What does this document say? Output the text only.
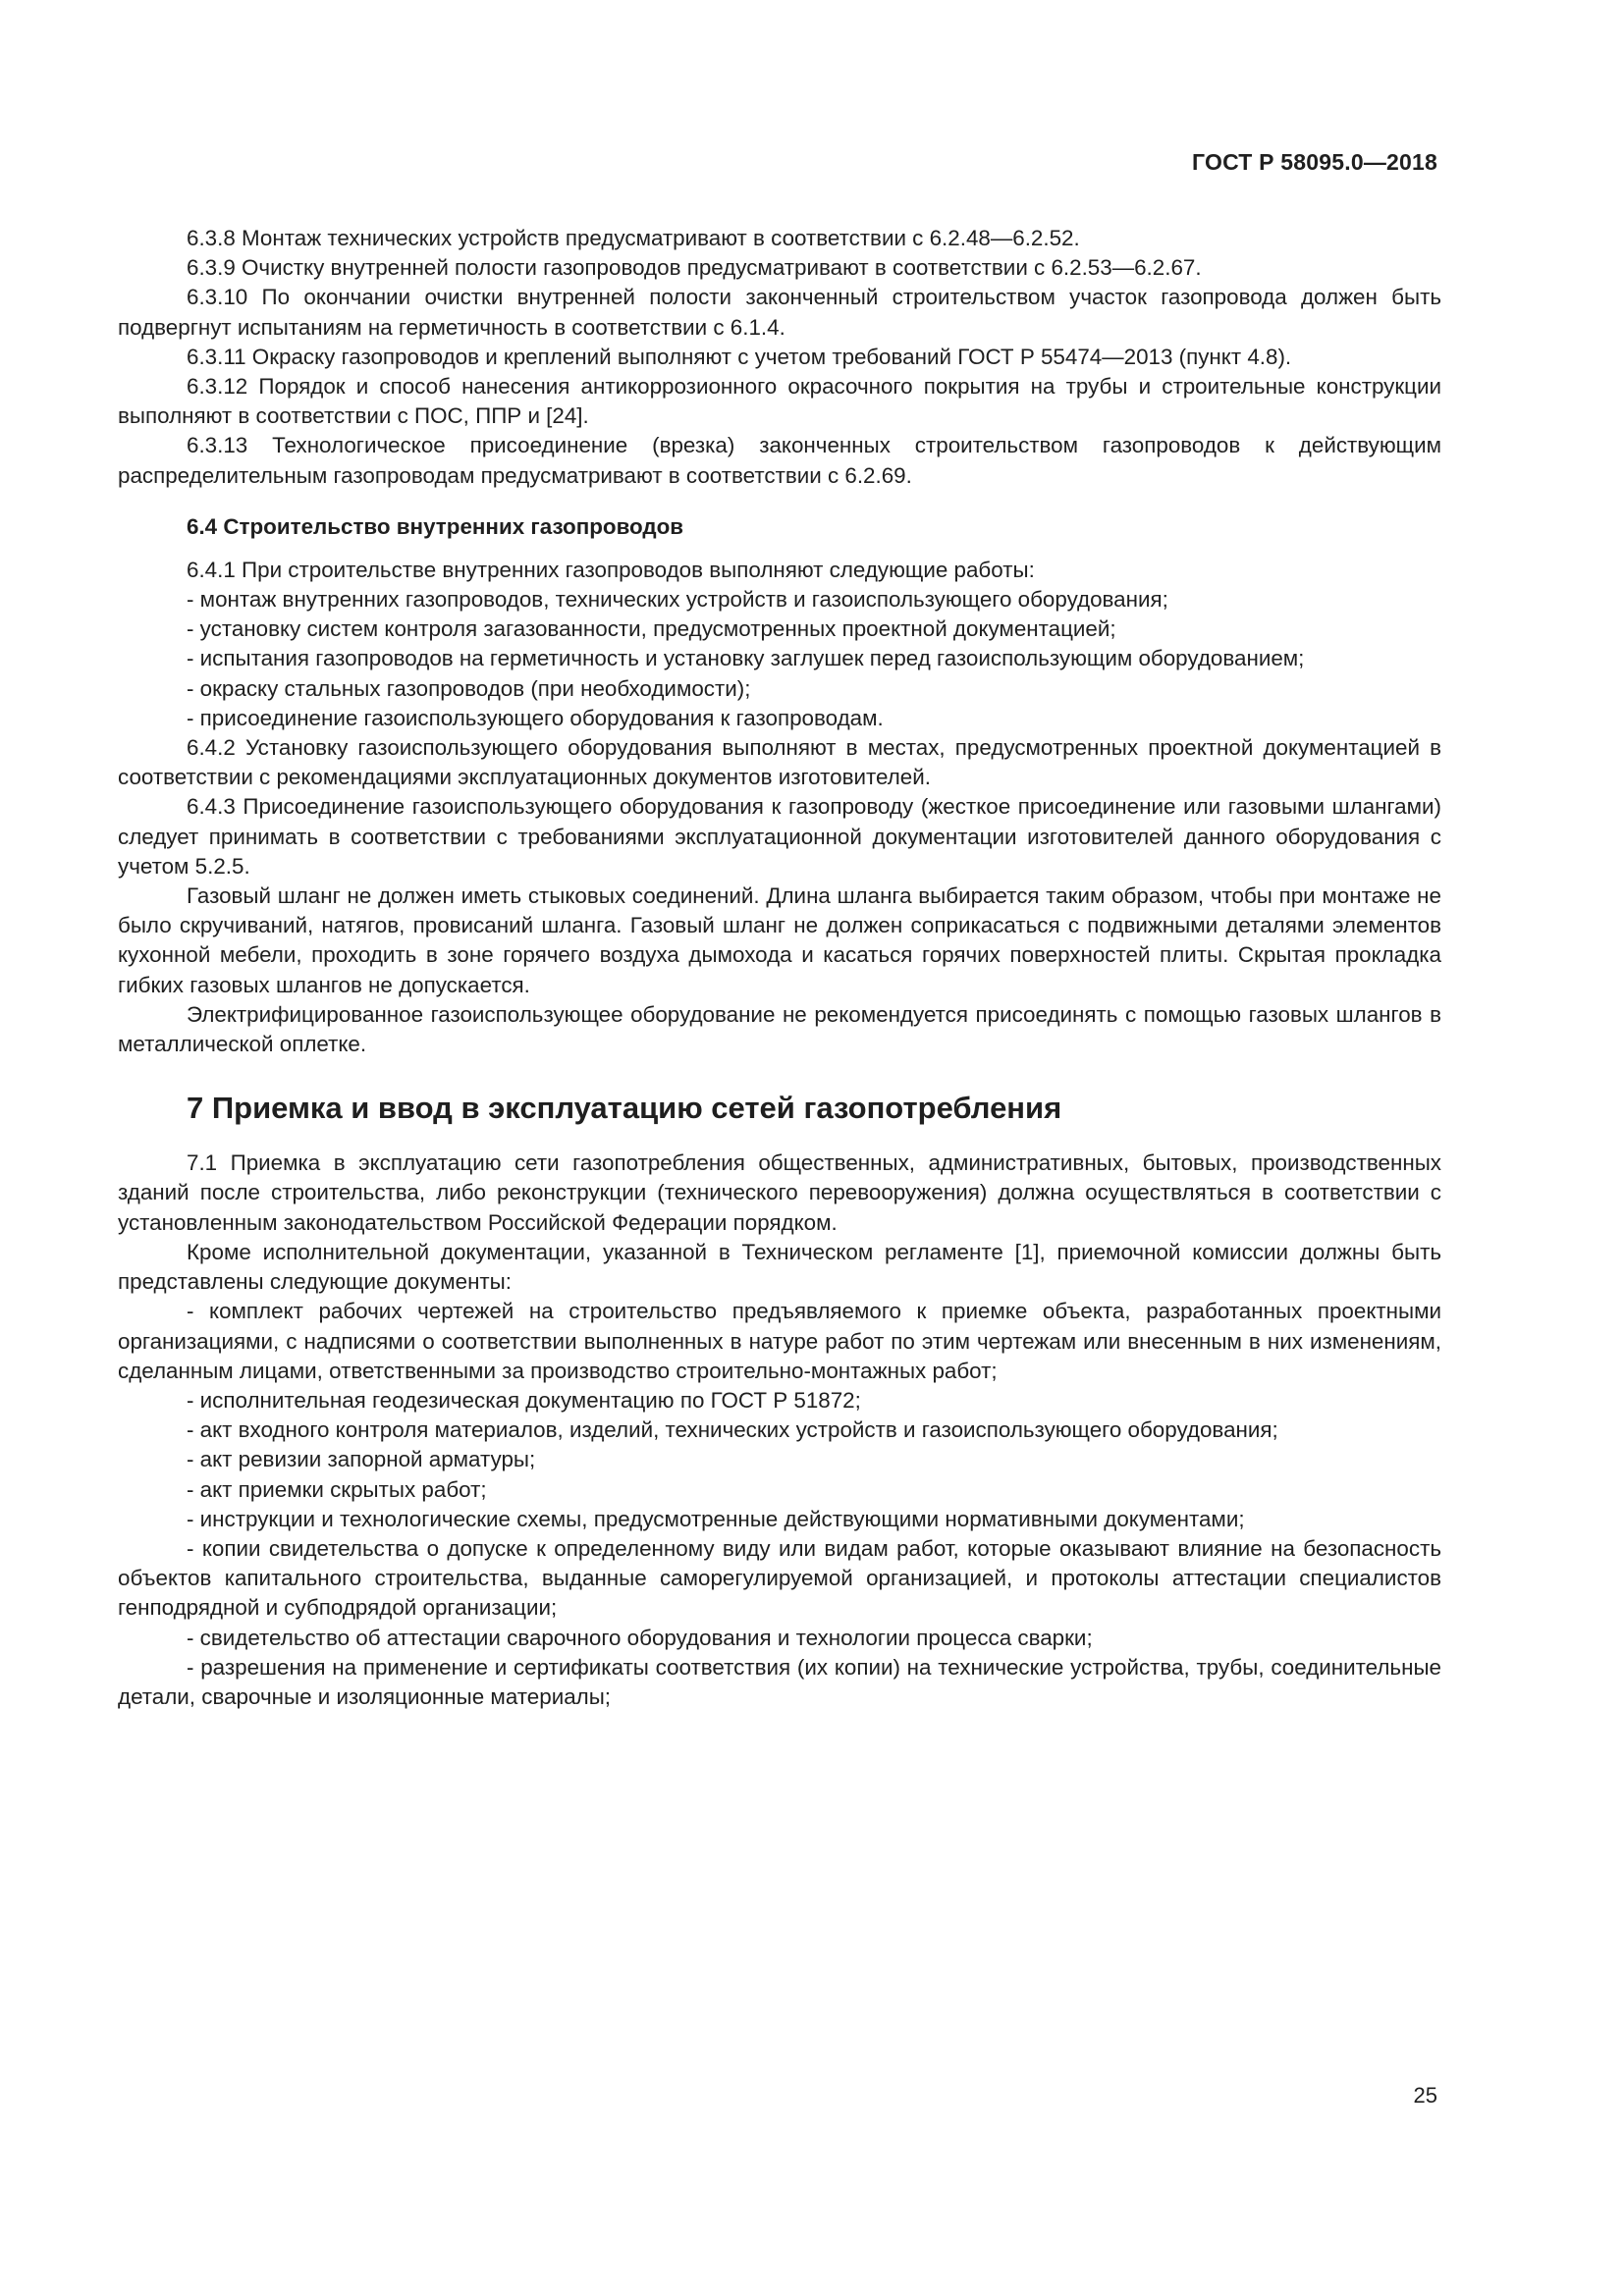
ГОСТ Р 58095.0—2018

6.3.8 Монтаж технических устройств предусматривают в соответствии с 6.2.48—6.2.52.

6.3.9 Очистку внутренней полости газопроводов предусматривают в соответствии с 6.2.53—6.2.67.

6.3.10 По окончании очистки внутренней полости законченный строительством участок газопровода должен быть подвергнут испытаниям на герметичность в соответствии с 6.1.4.

6.3.11 Окраску газопроводов и креплений выполняют с учетом требований ГОСТ Р 55474—2013 (пункт 4.8).

6.3.12 Порядок и способ нанесения антикоррозионного окрасочного покрытия на трубы и строительные конструкции выполняют в соответствии с ПОС, ППР и [24].

6.3.13 Технологическое присоединение (врезка) законченных строительством газопроводов к действующим распределительным газопроводам предусматривают в соответствии с 6.2.69.

6.4 Строительство внутренних газопроводов

6.4.1 При строительстве внутренних газопроводов выполняют следующие работы:

- монтаж внутренних газопроводов, технических устройств и газоиспользующего оборудования;

- установку систем контроля загазованности, предусмотренных проектной документацией;

- испытания газопроводов на герметичность и установку заглушек перед газоиспользующим оборудованием;

- окраску стальных газопроводов (при необходимости);

- присоединение газоиспользующего оборудования к газопроводам.

6.4.2 Установку газоиспользующего оборудования выполняют в местах, предусмотренных проектной документацией в соответствии с рекомендациями эксплуатационных документов изготовителей.

6.4.3 Присоединение газоиспользующего оборудования к газопроводу (жесткое присоединение или газовыми шлангами) следует принимать в соответствии с требованиями эксплуатационной документации изготовителей данного оборудования с учетом 5.2.5.

Газовый шланг не должен иметь стыковых соединений. Длина шланга выбирается таким образом, чтобы при монтаже не было скручиваний, натягов, провисаний шланга. Газовый шланг не должен соприкасаться с подвижными деталями элементов кухонной мебели, проходить в зоне горячего воздуха дымохода и касаться горячих поверхностей плиты. Скрытая прокладка гибких газовых шлангов не допускается.

Электрифицированное газоиспользующее оборудование не рекомендуется присоединять с помощью газовых шлангов в металлической оплетке.

7 Приемка и ввод в эксплуатацию сетей газопотребления

7.1 Приемка в эксплуатацию сети газопотребления общественных, административных, бытовых, производственных зданий после строительства, либо реконструкции (технического перевооружения) должна осуществляться в соответствии с установленным законодательством Российской Федерации порядком.

Кроме исполнительной документации, указанной в Техническом регламенте [1], приемочной комиссии должны быть представлены следующие документы:

- комплект рабочих чертежей на строительство предъявляемого к приемке объекта, разработанных проектными организациями, с надписями о соответствии выполненных в натуре работ по этим чертежам или внесенным в них изменениям, сделанным лицами, ответственными за производство строительно-монтажных работ;

- исполнительная геодезическая документацию по ГОСТ Р 51872;

- акт входного контроля материалов, изделий, технических устройств и газоиспользующего оборудования;

- акт ревизии запорной арматуры;

- акт приемки скрытых работ;

- инструкции и технологические схемы, предусмотренные действующими нормативными документами;

- копии свидетельства о допуске к определенному виду или видам работ, которые оказывают влияние на безопасность объектов капитального строительства, выданные саморегулируемой организацией, и протоколы аттестации специалистов генподрядной и субподрядой организации;

- свидетельство об аттестации сварочного оборудования и технологии процесса сварки;

- разрешения на применение и сертификаты соответствия (их копии) на технические устройства, трубы, соединительные детали, сварочные и изоляционные материалы;

25
